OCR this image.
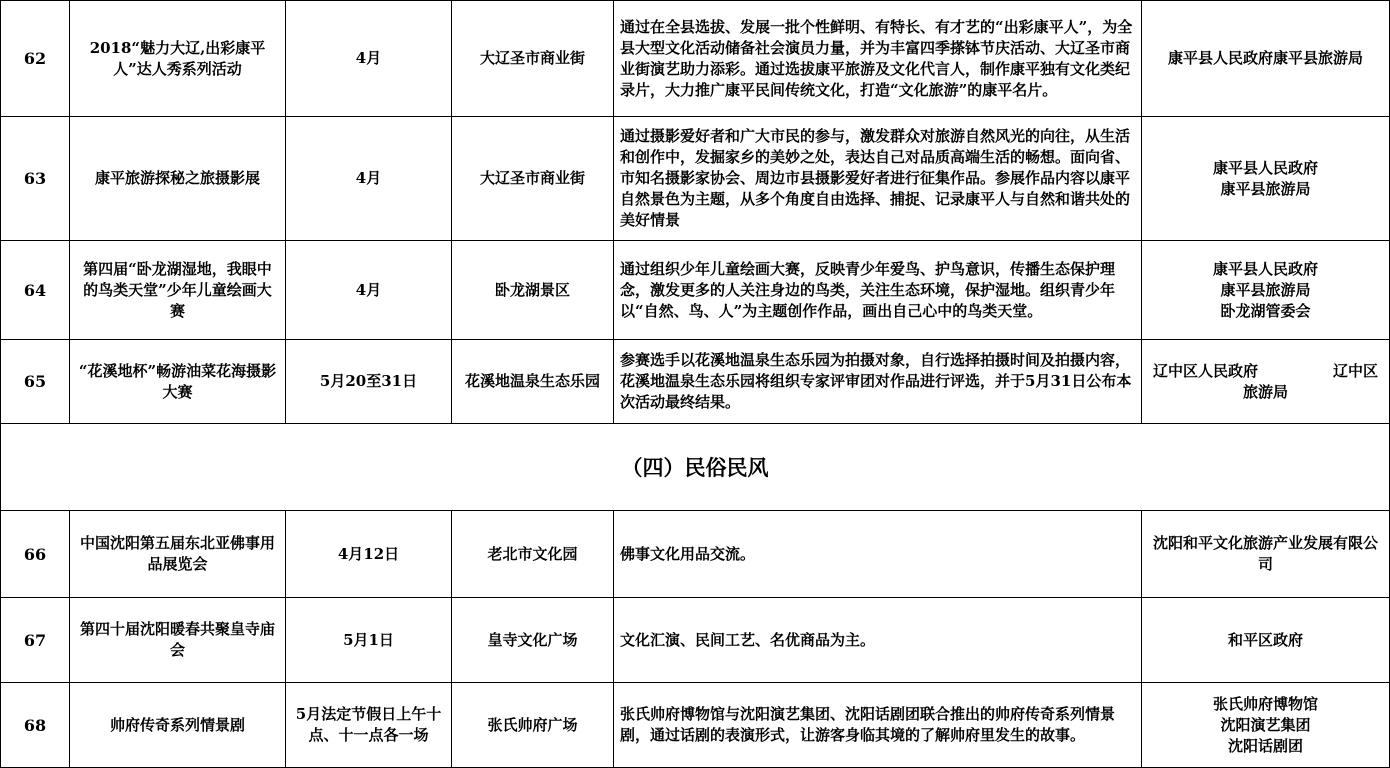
62	2018“魅力大辽,出彩康平人”达人秀系列活动	4月	大辽圣市商业街	通过在全县选拔、发展一批个性鲜明、有特长、有才艺的“出彩康平人”，为全县大型文化活动储备社会演员力量，并为丰富四季搽钵节庆活动、大辽圣市商业街演艺助力添彩。通过选拔康平旅游及文化代言人，制作康平独有文化类纪录片，大力推广康平民间传统文化，打造“文化旅游”的康平名片。	康平县人民政府康平县旅游局
63	康平旅游探秘之旅摄影展	4月	大辽圣市商业街	通过摄影爱好者和广大市民的参与，激发群众对旅游自然风光的向往，从生活和创作中，发掘家乡的美妙之处，表达自己对品质高端生活的畅想。面向省、市知名摄影家协会、周边市县摄影爱好者进行征集作品。参展作品内容以康平自然景色为主题，从多个角度自由选择、捕捉、记录康平人与自然和谐共处的美好情景	康平县人民政府
康平县旅游局
64	第四届“卧龙湖湿地，我眼中的鸟类天堂”少年儿童绘画大赛	4月	卧龙湖景区	通过组织少年儿童绘画大赛，反映青少年爱鸟、护鸟意识，传播生态保护理念，激发更多的人关注身边的鸟类，关注生态环境，保护湿地。组织青少年以“自然、鸟、人”为主题创作作品，画出自己心中的鸟类天堂。	康平县人民政府
康平县旅游局
卧龙湖管委会
65	“花溪地杯”畅游油菜花海摄影大赛	5月20至31日	花溪地温泉生态乐园	参赛选手以花溪地温泉生态乐园为拍摄对象，自行选择拍摄时间及拍摄内容，花溪地温泉生态乐园将组织专家评审团对作品进行评选，并于5月31日公布本次活动最终结果。	辽中区人民政府　　　　　辽中区旅游局
（四）民俗民风					
66	中国沈阳第五届东北亚佛事用品展览会	4月12日	老北市文化园	佛事文化用品交流。	沈阳和平文化旅游产业发展有限公司
67	第四十届沈阳暖春共聚皇寺庙会	5月1日	皇寺文化广场	文化汇演、民间工艺、名优商品为主。	和平区政府
68	帅府传奇系列情景剧	5月法定节假日上午十点、十一点各一场	张氏帅府广场	张氏帅府博物馆与沈阳演艺集团、沈阳话剧团联合推出的帅府传奇系列情景剧，通过话剧的表演形式，让游客身临其境的了解帅府里发生的故事。	张氏帅府博物馆
沈阳演艺集团
沈阳话剧团
